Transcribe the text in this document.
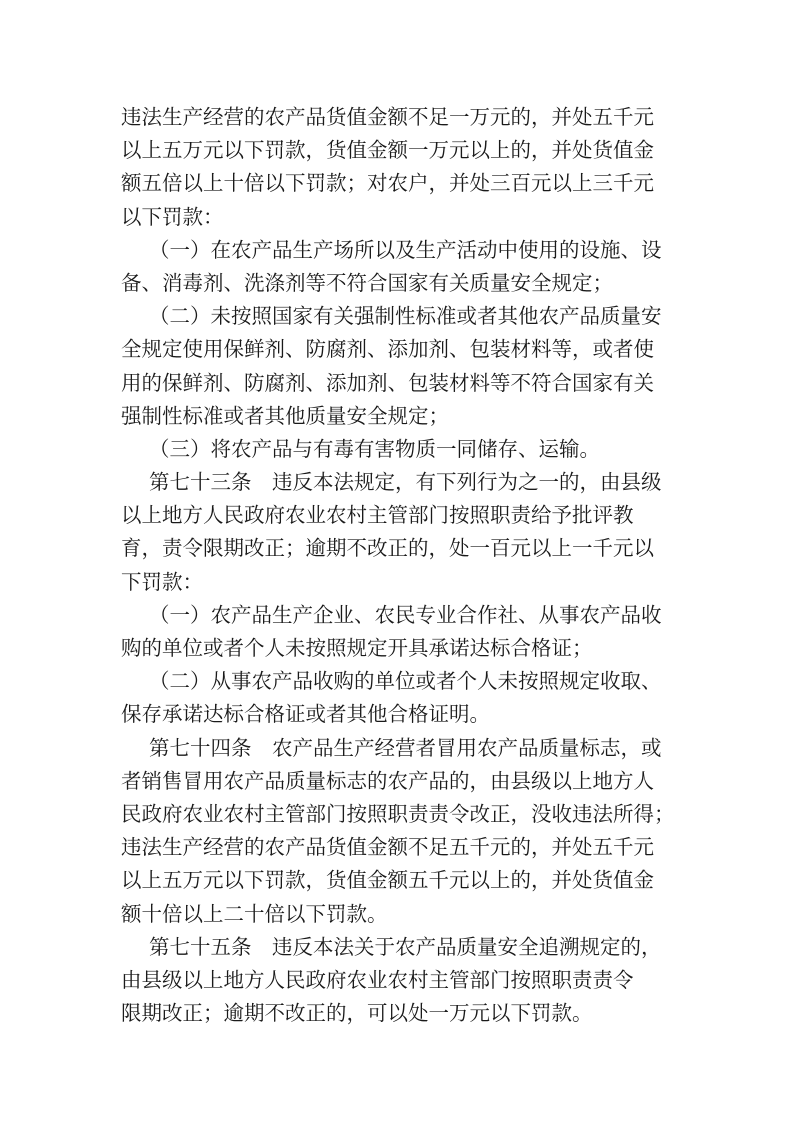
违法生产经营的农产品货值金额不足一万元的，并处五千元
以上五万元以下罚款，货值金额一万元以上的，并处货值金
额五倍以上十倍以下罚款；对农户，并处三百元以上三千元
以下罚款：
（一）在农产品生产场所以及生产活动中使用的设施、设
备、消毒剂、洗涤剂等不符合国家有关质量安全规定；
（二）未按照国家有关强制性标准或者其他农产品质量安
全规定使用保鲜剂、防腐剂、添加剂、包装材料等，或者使
用的保鲜剂、防腐剂、添加剂、包装材料等不符合国家有关
强制性标准或者其他质量安全规定；
（三）将农产品与有毒有害物质一同储存、运输。
第七十三条　违反本法规定，有下列行为之一的，由县级
以上地方人民政府农业农村主管部门按照职责给予批评教
育，责令限期改正；逾期不改正的，处一百元以上一千元以
下罚款：
（一）农产品生产企业、农民专业合作社、从事农产品收
购的单位或者个人未按照规定开具承诺达标合格证；
（二）从事农产品收购的单位或者个人未按照规定收取、
保存承诺达标合格证或者其他合格证明。
第七十四条　农产品生产经营者冒用农产品质量标志，或
者销售冒用农产品质量标志的农产品的，由县级以上地方人
民政府农业农村主管部门按照职责责令改正，没收违法所得；
违法生产经营的农产品货值金额不足五千元的，并处五千元
以上五万元以下罚款，货值金额五千元以上的，并处货值金
额十倍以上二十倍以下罚款。
第七十五条　违反本法关于农产品质量安全追溯规定的，
由县级以上地方人民政府农业农村主管部门按照职责责令
限期改正；逾期不改正的，可以处一万元以下罚款。
